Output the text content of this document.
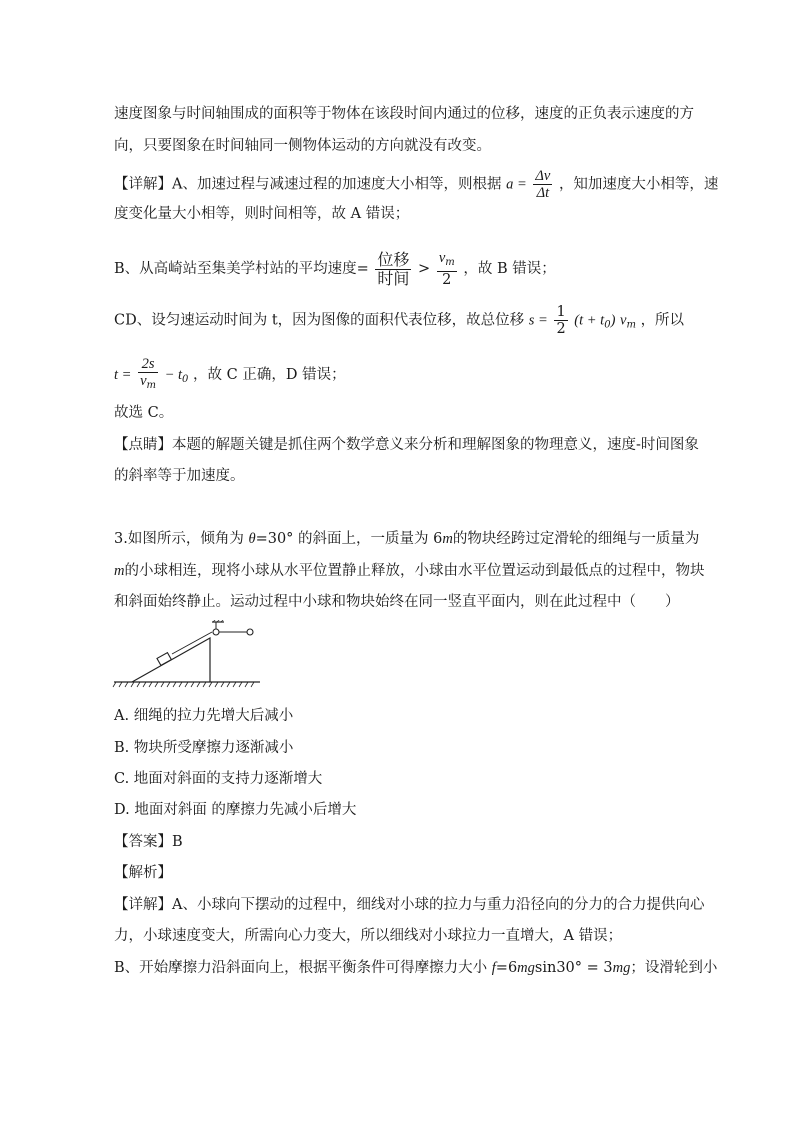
速度图象与时间轴围成的面积等于物体在该段时间内通过的位移，速度的正负表示速度的方
向，只要图象在时间轴同一侧物体运动的方向就没有改变。
【详解】A、加速过程与减速过程的加速度大小相等，则根据 $a = \frac{\Delta v}{\Delta t}$ ，知加速度大小相等，速
度变化量大小相等，则时间相等，故 A 错误；
B、从高崎站至集美学村站的平均速度= $\frac{\text{位移}}{\text{时间}} > \frac{v_m}{2}$ ，故 B 错误；
CD、设匀速运动时间为 t，因为图像的面积代表位移，故总位移 $s = \frac{1}{2} (t + t_0)$ $v_m$ ，所以
$t = \frac{2s}{v_m} - t_0$ ，故 C 正确，D 错误；
故选 C。
【点睛】本题的解题关键是抓住两个数学意义来分析和理解图象的物理意义，速度-时间图象
的斜率等于加速度。
3.如图所示，倾角为 θ=30° 的斜面上，一质量为 6m的物块经跨过定滑轮的细绳与一质量为
m的小球相连，现将小球从水平位置静止释放，小球由水平位置运动到最低点的过程中，物块
和斜面始终静止。运动过程中小球和物块始终在同一竖直平面内，则在此过程中（　　）
A. 细绳的拉力先增大后减小
B. 物块所受摩擦力逐渐减小
C. 地面对斜面的支持力逐渐增大
D. 地面对斜面 的摩擦力先减小后增大
【答案】B
【解析】
【详解】A、小球向下摆动的过程中，细线对小球的拉力与重力沿径向的分力的合力提供向心
力，小球速度变大，所需向心力变大，所以细线对小球拉力一直增大，A 错误；
B、开始摩擦力沿斜面向上，根据平衡条件可得摩擦力大小 f=6mgsin30° = 3mg；设滑轮到小
